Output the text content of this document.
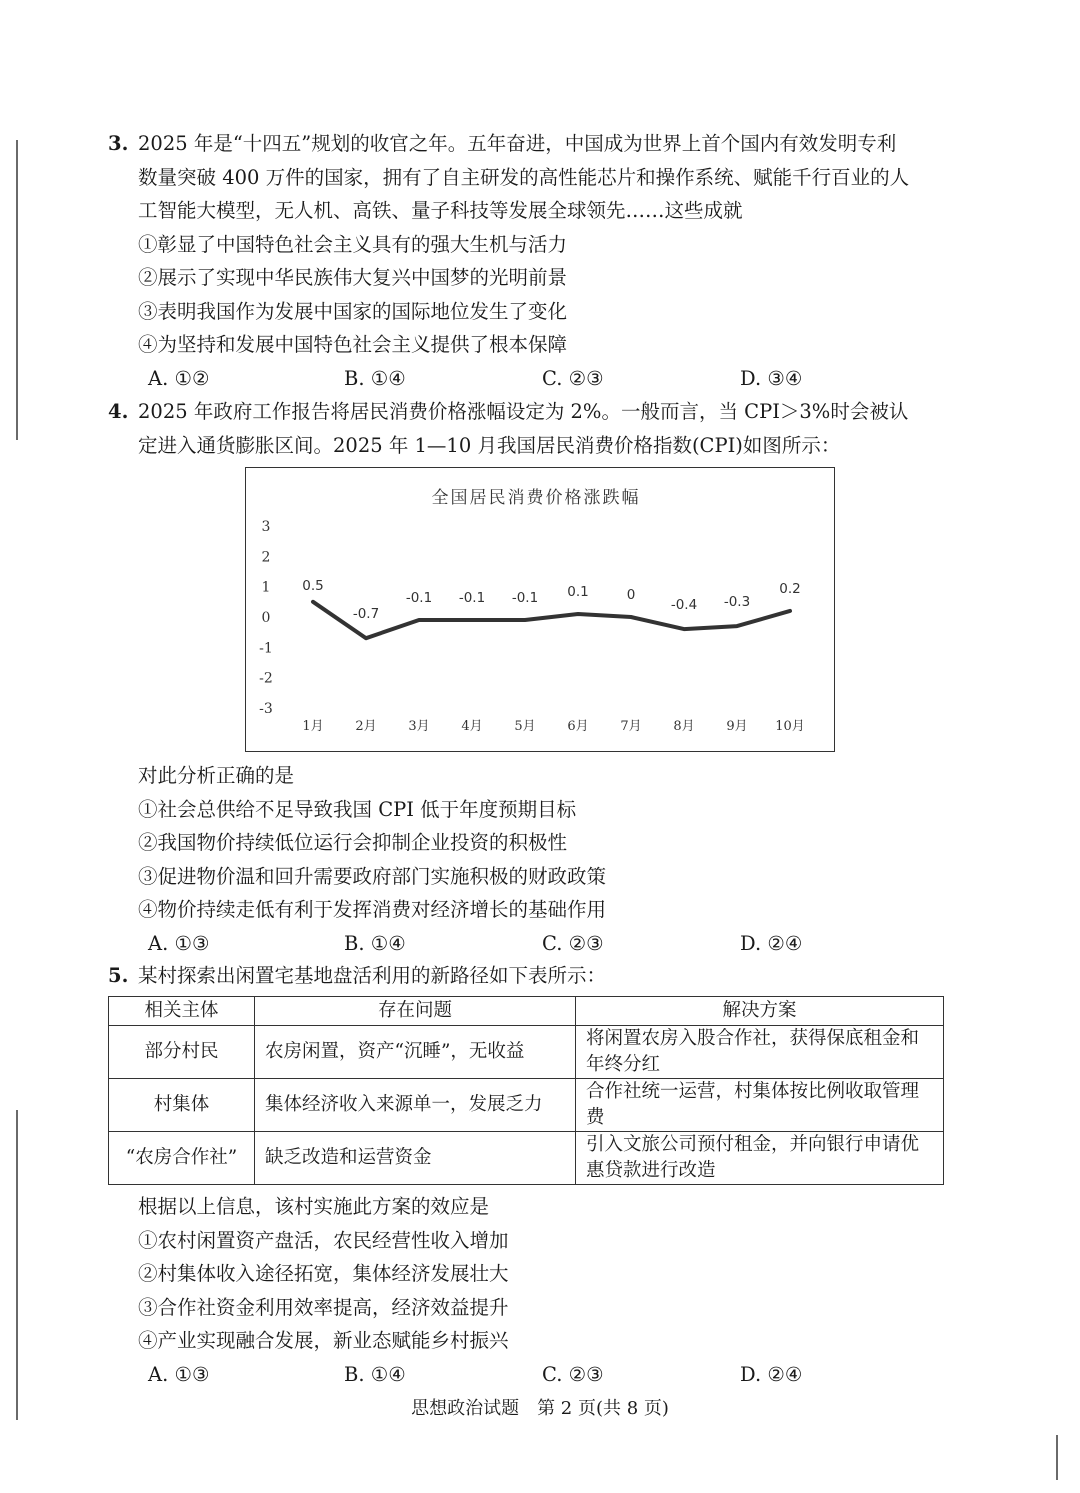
3. 2025 年是“十四五”规划的收官之年。五年奋进，中国成为世界上首个国内有效发明专利
数量突破 400 万件的国家，拥有了自主研发的高性能芯片和操作系统、赋能千行百业的人
工智能大模型，无人机、高铁、量子科技等发展全球领先……这些成就
①彰显了中国特色社会主义具有的强大生机与活力
②展示了实现中华民族伟大复兴中国梦的光明前景
③表明我国作为发展中国家的国际地位发生了变化
④为坚持和发展中国特色社会主义提供了根本保障
A. ①②	B. ①④	C. ②③	D. ③④
4. 2025 年政府工作报告将居民消费价格涨幅设定为 2%。一般而言，当 CPI＞3%时会被认
定进入通货膨胀区间。2025 年 1—10 月我国居民消费价格指数(CPI)如图所示：
全国居民消费价格涨跌幅
3
2
1
0
-1
-2
-3
1月 2月 3月 4月 5月 6月 7月 8月 9月 10月
0.5
-0.7
-0.1 -0.1 -0.1 0.1	0
-0.4 -0.3
0.2
对此分析正确的是
①社会总供给不足导致我国 CPI 低于年度预期目标
②我国物价持续低位运行会抑制企业投资的积极性
③促进物价温和回升需要政府部门实施积极的财政政策
④物价持续走低有利于发挥消费对经济增长的基础作用
A. ①③	B. ①④	C. ②③	D. ②④
5. 某村探索出闲置宅基地盘活利用的新路径如下表所示：
相关主体	存在问题	解决方案
部分村民	农房闲置，资产“沉睡”，无收益	将闲置农房入股合作社，获得保底租金和年终分红
村集体	集体经济收入来源单一，发展乏力	合作社统一运营，村集体按比例收取管理费
“农房合作社”	缺乏改造和运营资金	引入文旅公司预付租金，并向银行申请优惠贷款进行改造
根据以上信息，该村实施此方案的效应是
①农村闲置资产盘活，农民经营性收入增加
②村集体收入途径拓宽，集体经济发展壮大
③合作社资金利用效率提高，经济效益提升
④产业实现融合发展，新业态赋能乡村振兴
A. ①③	B. ①④	C. ②③	D. ②④
思想政治试题　第 2 页(共 8 页)
